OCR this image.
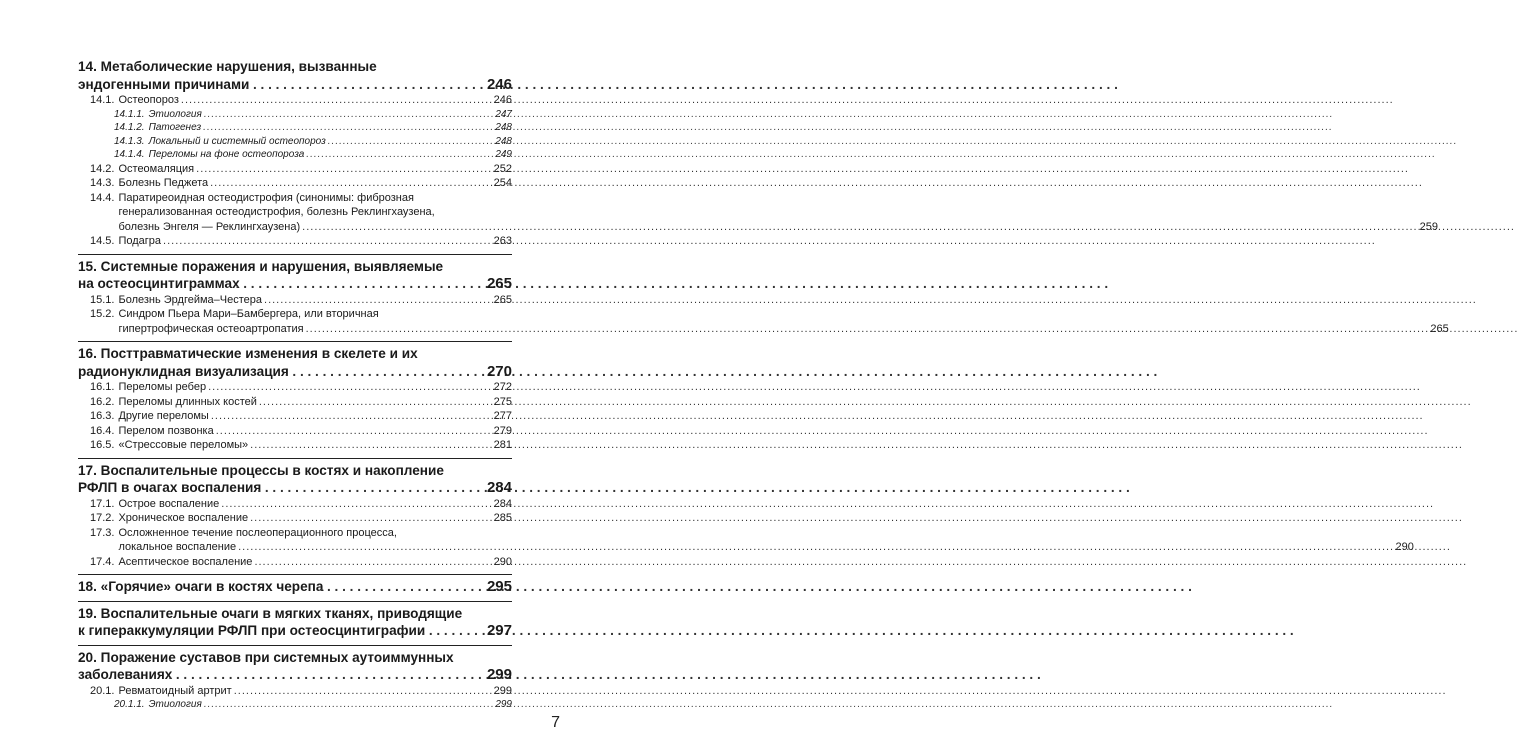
14. Метаболические нарушения, вызванные
эндогенными причинами . . .	246
14.1. Остеопороз .....	246
14.1.1. Этиология .....	247
14.1.2. Патогенез .....	248
14.1.3. Локальный и системный остеопороз .....	248
14.1.4. Переломы на фоне остеопороза .....	249
14.2. Остеомаляция .....	252
14.3. Болезнь Педжета .....	254
14.4. Паратиреоидная остеодистрофия (синонимы: фиброзная
генерализованная остеодистрофия, болезнь Реклингхаузена,
болезнь Энгеля — Реклингхаузена) .....	259
14.5. Подагра .....	263
15. Системные поражения и нарушения, выявляемые
на остеосцинтиграммах . . .	265
15.1. Болезнь Эрдгейма–Честера .....	265
15.2. Синдром Пьера Мари–Бамбергера, или вторичная
гипертрофическая остеоартропатия .....	265
16. Посттравматические изменения в скелете и их
радионуклидная визуализация . . .	270
16.1. Переломы ребер .....	272
16.2. Переломы длинных костей .....	275
16.3. Другие переломы .....	277
16.4. Перелом позвонка .....	279
16.5. «Стрессовые переломы» .....	281
17. Воспалительные процессы в костях и накопление
РФЛП в очагах воспаления . . .	284
17.1. Острое воспаление .....	284
17.2. Хроническое воспаление .....	285
17.3. Осложненное течение послеоперационного процесса,
локальное воспаление .....	290
17.4. Асептическое воспаление .....	290
18. «Горячие» очаги в костях черепа . . .	295
19. Воспалительные очаги в мягких тканях, приводящие
к гипераккумуляции РФЛП при остеосцинтиграфии . . .	297
20. Поражение суставов при системных аутоиммунных
заболеваниях . . .	299
20.1. Ревматоидный артрит .....	299
20.1.1. Этиология .....	299
7
